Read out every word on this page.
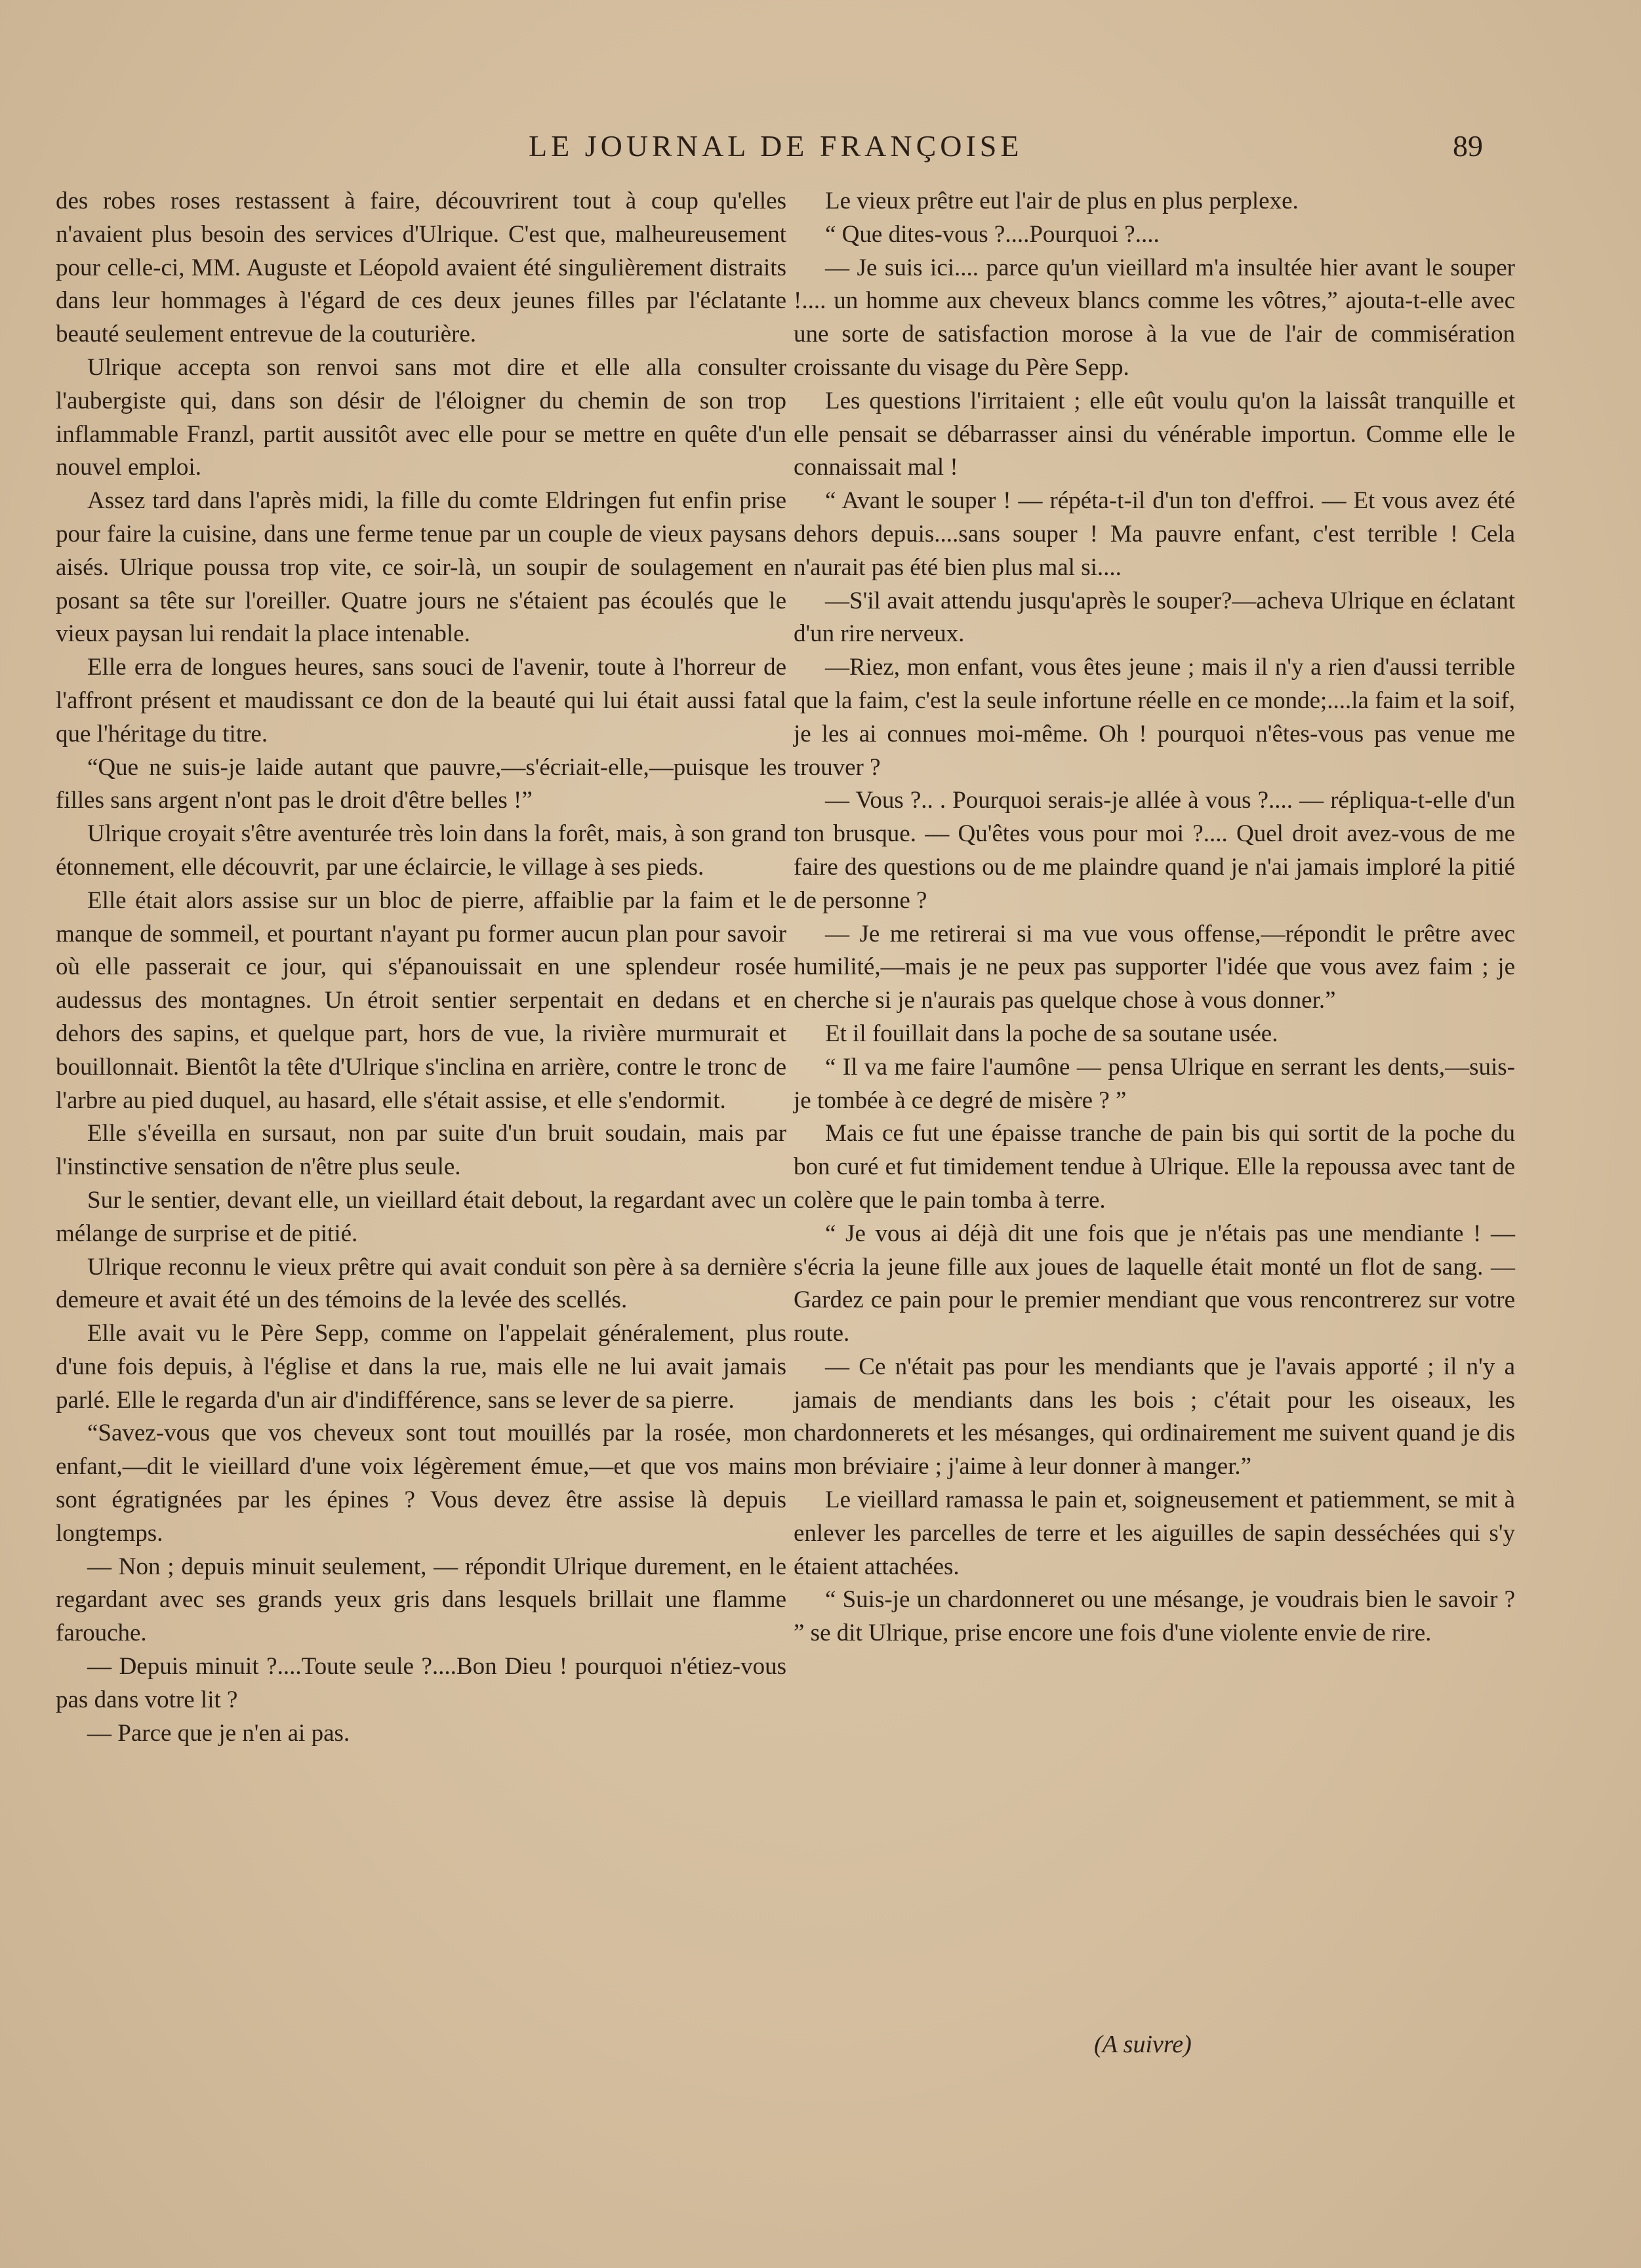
LE JOURNAL DE FRANÇOISE	89

des robes roses restassent à faire, découvrirent tout à coup qu'elles n'avaient plus besoin des services d'Ulrique. C'est que, malheureusement pour celle-ci, MM. Auguste et Léopold avaient été singulièrement distraits dans leur hommages à l'égard de ces deux jeunes filles par l'éclatante beauté seulement entrevue de la couturière.

Ulrique accepta son renvoi sans mot dire et elle alla consulter l'aubergiste qui, dans son désir de l'éloigner du chemin de son trop inflammable Franzl, partit aussitôt avec elle pour se mettre en quête d'un nouvel emploi.

Assez tard dans l'après midi, la fille du comte Eldringen fut enfin prise pour faire la cuisine, dans une ferme tenue par un couple de vieux paysans aisés. Ulrique poussa trop vite, ce soir-là, un soupir de soulagement en posant sa tête sur l'oreiller. Quatre jours ne s'étaient pas écoulés que le vieux paysan lui rendait la place intenable.

Elle erra de longues heures, sans souci de l'avenir, toute à l'horreur de l'affront présent et maudissant ce don de la beauté qui lui était aussi fatal que l'héritage du titre.

“Que ne suis-je laide autant que pauvre,—s'écriait-elle,—puisque les filles sans argent n'ont pas le droit d'être belles !”

Ulrique croyait s'être aventurée très loin dans la forêt, mais, à son grand étonnement, elle découvrit, par une éclaircie, le village à ses pieds.

Elle était alors assise sur un bloc de pierre, affaiblie par la faim et le manque de sommeil, et pourtant n'ayant pu former aucun plan pour savoir où elle passerait ce jour, qui s'épanouissait en une splendeur rosée audessus des montagnes. Un étroit sentier serpentait en dedans et en dehors des sapins, et quelque part, hors de vue, la rivière murmurait et bouillonnait. Bientôt la tête d'Ulrique s'inclina en arrière, contre le tronc de l'arbre au pied duquel, au hasard, elle s'était assise, et elle s'endormit.

Elle s'éveilla en sursaut, non par suite d'un bruit soudain, mais par l'instinctive sensation de n'être plus seule.

Sur le sentier, devant elle, un vieillard était debout, la regardant avec un mélange de surprise et de pitié.

Ulrique reconnu le vieux prêtre qui avait conduit son père à sa dernière demeure et avait été un des témoins de la levée des scellés.

Elle avait vu le Père Sepp, comme on l'appelait généralement, plus d'une fois depuis, à l'église et dans la rue, mais elle ne lui avait jamais parlé. Elle le regarda d'un air d'indifférence, sans se lever de sa pierre.

“Savez-vous que vos cheveux sont tout mouillés par la rosée, mon enfant,—dit le vieillard d'une voix légèrement émue,—et que vos mains sont égratignées par les épines ? Vous devez être assise là depuis longtemps.

— Non ; depuis minuit seulement, — répondit Ulrique durement, en le regardant avec ses grands yeux gris dans lesquels brillait une flamme farouche.

— Depuis minuit ?....Toute seule ?....Bon Dieu ! pourquoi n'étiez-vous pas dans votre lit ?

— Parce que je n'en ai pas.

Le vieux prêtre eut l'air de plus en plus perplexe.

“ Que dites-vous ?....Pourquoi ?....

— Je suis ici.... parce qu'un vieillard m'a insultée hier avant le souper !.... un homme aux cheveux blancs comme les vôtres,” ajouta-t-elle avec une sorte de satisfaction morose à la vue de l'air de commisération croissante du visage du Père Sepp.

Les questions l'irritaient ; elle eût voulu qu'on la laissât tranquille et elle pensait se débarrasser ainsi du vénérable importun. Comme elle le connaissait mal !

“ Avant le souper ! — répéta-t-il d'un ton d'effroi. — Et vous avez été dehors depuis....sans souper ! Ma pauvre enfant, c'est terrible ! Cela n'aurait pas été bien plus mal si....

—S'il avait attendu jusqu'après le souper?—acheva Ulrique en éclatant d'un rire nerveux.

—Riez, mon enfant, vous êtes jeune ; mais il n'y a rien d'aussi terrible que la faim, c'est la seule infortune réelle en ce monde;....la faim et la soif, je les ai connues moi-même. Oh ! pourquoi n'êtes-vous pas venue me trouver ?

— Vous ?.. . Pourquoi serais-je allée à vous ?.... — répliqua-t-elle d'un ton brusque. — Qu'êtes vous pour moi ?.... Quel droit avez-vous de me faire des questions ou de me plaindre quand je n'ai jamais imploré la pitié de personne ?

— Je me retirerai si ma vue vous offense,—répondit le prêtre avec humilité,—mais je ne peux pas supporter l'idée que vous avez faim ; je cherche si je n'aurais pas quelque chose à vous donner.”

Et il fouillait dans la poche de sa soutane usée.

“ Il va me faire l'aumône — pensa Ulrique en serrant les dents,—suis-je tombée à ce degré de misère ? ”

Mais ce fut une épaisse tranche de pain bis qui sortit de la poche du bon curé et fut timidement tendue à Ulrique. Elle la repoussa avec tant de colère que le pain tomba à terre.

“ Je vous ai déjà dit une fois que je n'étais pas une mendiante ! — s'écria la jeune fille aux joues de laquelle était monté un flot de sang. — Gardez ce pain pour le premier mendiant que vous rencontrerez sur votre route.

— Ce n'était pas pour les mendiants que je l'avais apporté ; il n'y a jamais de mendiants dans les bois ; c'était pour les oiseaux, les chardonnerets et les mésanges, qui ordinairement me suivent quand je dis mon bréviaire ; j'aime à leur donner à manger.”

Le vieillard ramassa le pain et, soigneusement et patiemment, se mit à enlever les parcelles de terre et les aiguilles de sapin desséchées qui s'y étaient attachées.

“ Suis-je un chardonneret ou une mésange, je voudrais bien le savoir ? ” se dit Ulrique, prise encore une fois d'une violente envie de rire.

(A suivre)
